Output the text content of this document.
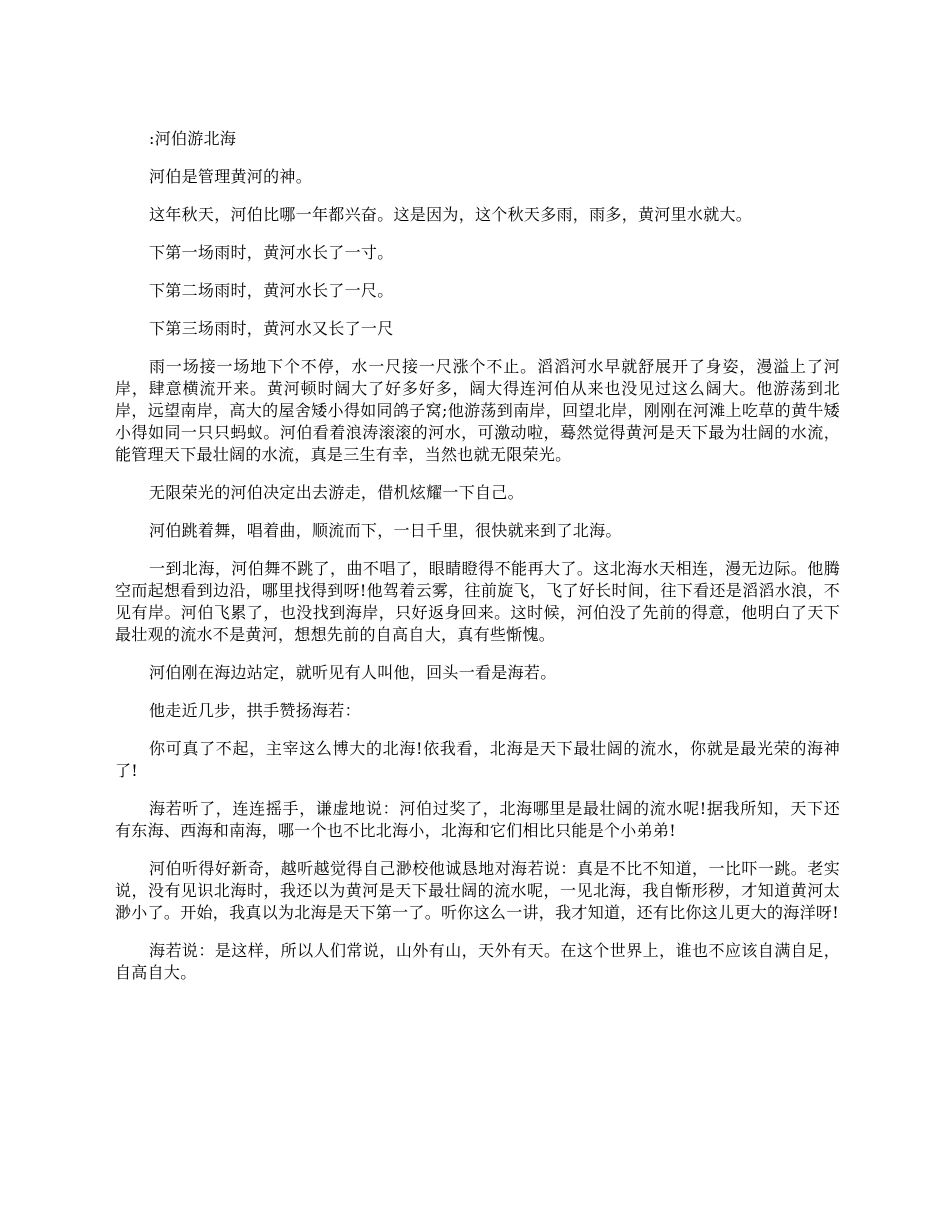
:河伯游北海

河伯是管理黄河的神。

这年秋天，河伯比哪一年都兴奋。这是因为，这个秋天多雨，雨多，黄河里水就大。

下第一场雨时，黄河水长了一寸。

下第二场雨时，黄河水长了一尺。

下第三场雨时，黄河水又长了一尺

雨一场接一场地下个不停，水一尺接一尺涨个不止。滔滔河水早就舒展开了身姿，漫溢上了河岸，肆意横流开来。黄河顿时阔大了好多好多，阔大得连河伯从来也没见过这么阔大。他游荡到北岸，远望南岸，高大的屋舍矮小得如同鸽子窝;他游荡到南岸，回望北岸，刚刚在河滩上吃草的黄牛矮小得如同一只只蚂蚁。河伯看着浪涛滚滚的河水，可激动啦，蓦然觉得黄河是天下最为壮阔的水流，能管理天下最壮阔的水流，真是三生有幸，当然也就无限荣光。

无限荣光的河伯决定出去游走，借机炫耀一下自己。

河伯跳着舞，唱着曲，顺流而下，一日千里，很快就来到了北海。

一到北海，河伯舞不跳了，曲不唱了，眼睛瞪得不能再大了。这北海水天相连，漫无边际。他腾空而起想看到边沿，哪里找得到呀!他驾着云雾，往前旋飞，飞了好长时间，往下看还是滔滔水浪，不见有岸。河伯飞累了，也没找到海岸，只好返身回来。这时候，河伯没了先前的得意，他明白了天下最壮观的流水不是黄河，想想先前的自高自大，真有些惭愧。

河伯刚在海边站定，就听见有人叫他，回头一看是海若。

他走近几步，拱手赞扬海若：

你可真了不起，主宰这么博大的北海!依我看，北海是天下最壮阔的流水，你就是最光荣的海神了!

海若听了，连连摇手，谦虚地说：河伯过奖了，北海哪里是最壮阔的流水呢!据我所知，天下还有东海、西海和南海，哪一个也不比北海小，北海和它们相比只能是个小弟弟!

河伯听得好新奇，越听越觉得自己渺校他诚恳地对海若说：真是不比不知道，一比吓一跳。老实说，没有见识北海时，我还以为黄河是天下最壮阔的流水呢，一见北海，我自惭形秽，才知道黄河太渺小了。开始，我真以为北海是天下第一了。听你这么一讲，我才知道，还有比你这儿更大的海洋呀!

海若说：是这样，所以人们常说，山外有山，天外有天。在这个世界上，谁也不应该自满自足，自高自大。
